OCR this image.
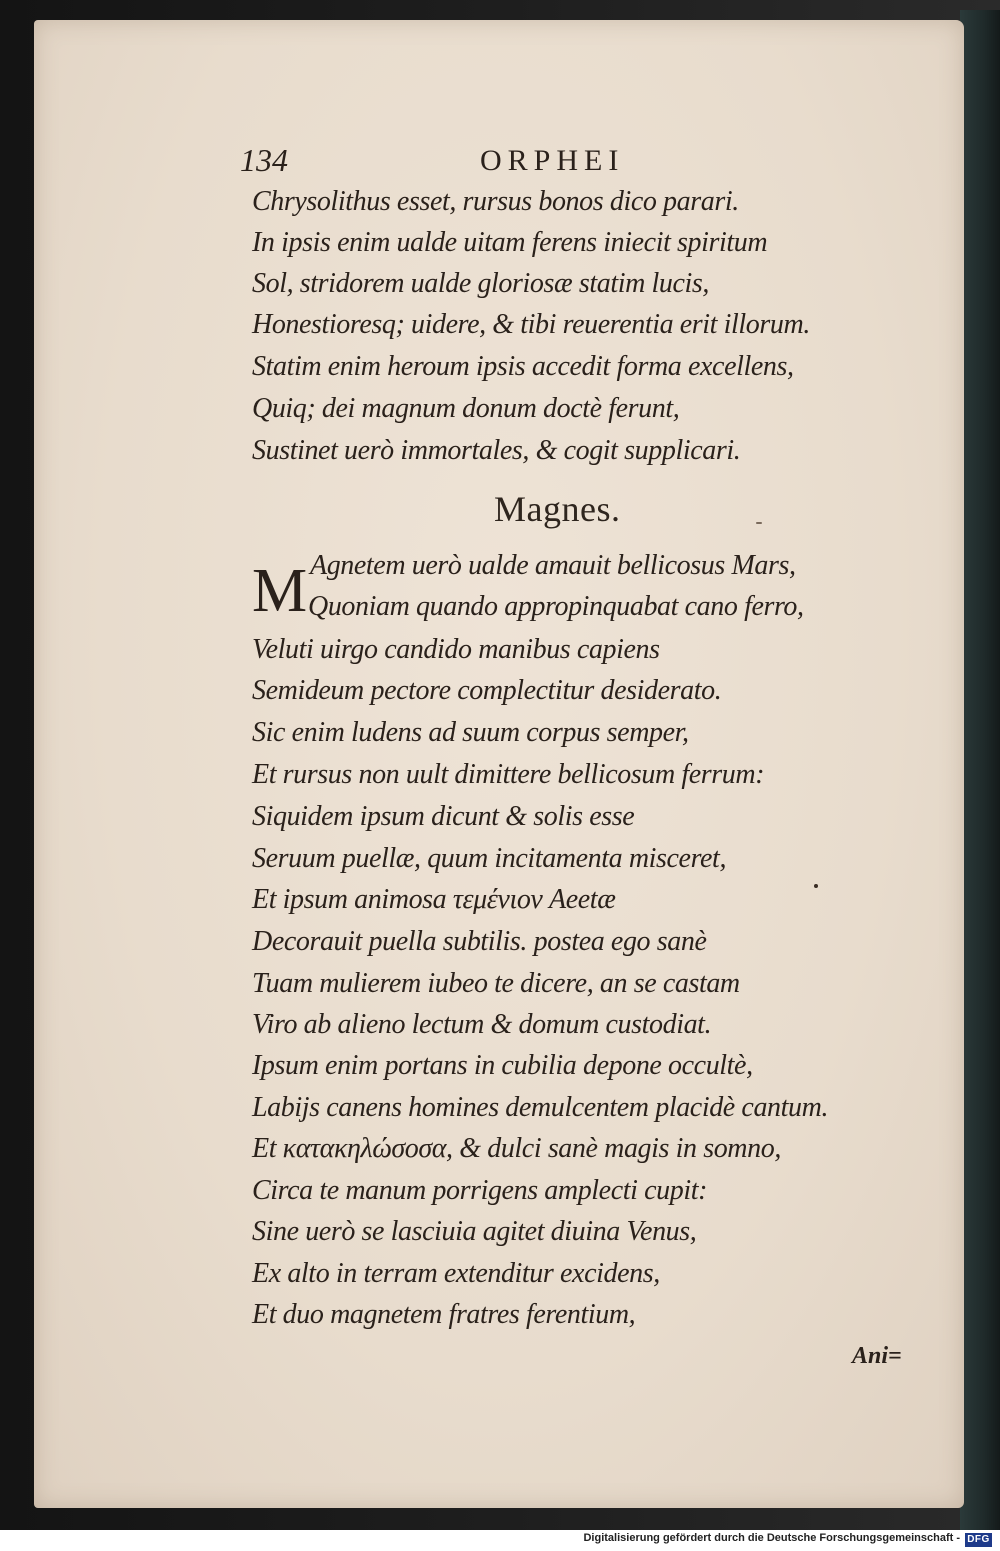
134	ORPHEI
Chrysolithus esset, rursus bonos dico parari.
In ipsis enim ualde uitam ferens iniecit spiritum
Sol, stridorem ualde gloriosæ statim lucis,
Honestioresq; uidere, & tibi reuerentia erit illorum.
Statim enim heroum ipsis accedit forma excellens,
Quiq; dei magnum donum doctè ferunt,
Sustinet uerò immortales, & cogit supplicari.
Magnes.
M Agnetem uerò ualde amauit bellicosus Mars,
Quoniam quando appropinquabat cano ferro,
Veluti uirgo candido manibus capiens
Semideum pectore complectitur desiderato.
Sic enim ludens ad suum corpus semper,
Et rursus non uult dimittere bellicosum ferrum:
Siquidem ipsum dicunt & solis esse
Seruum puellæ, quum incitamenta misceret,
Et ipsum animosa τεμένιον Aeetæ
Decorauit puella subtilis. postea ego sanè
Tuam mulierem iubeo te dicere, an se castam
Viro ab alieno lectum & domum custodiat.
Ipsum enim portans in cubilia depone occultè,
Labijs canens homines demulcentem placidè cantum.
Et κατακηλώσοσα, & dulci sanè magis in somno,
Circa te manum porrigens amplecti cupit:
Sine uerò se lasciuia agitet diuina Venus,
Ex alto in terram extenditur excidens,
Et duo magnetem fratres ferentium,
Ani=
Digitalisierung gefördert durch die Deutsche Forschungsgemeinschaft - DFG
